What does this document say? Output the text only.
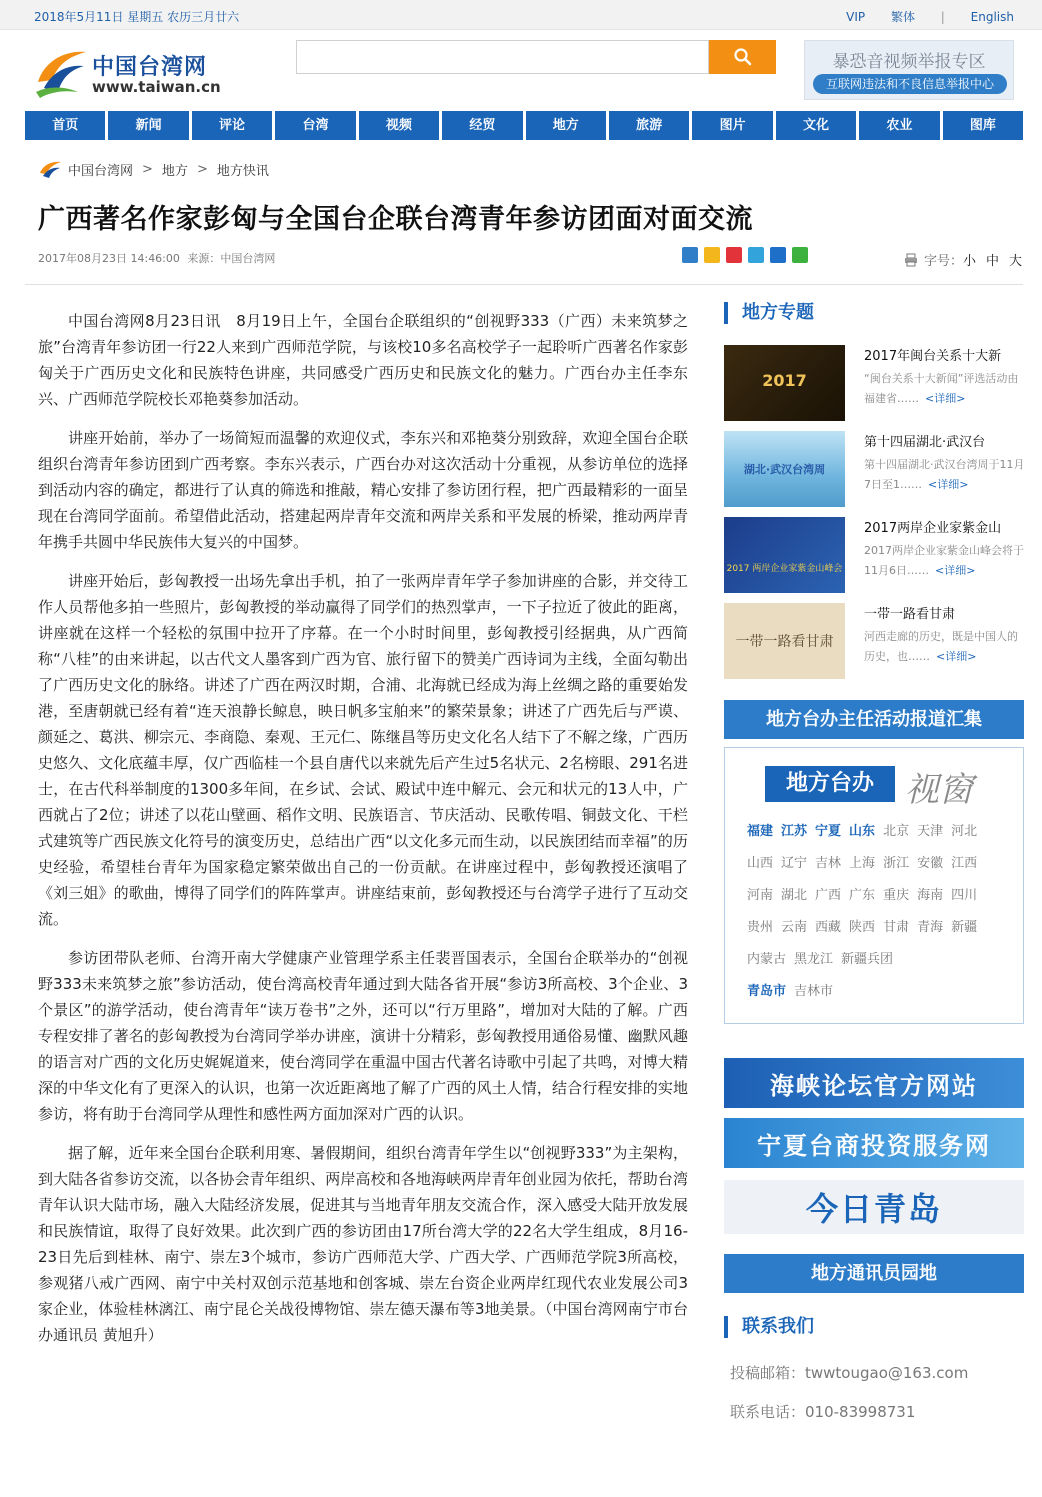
2018年5月11日 星期五 农历三月廿六	VIP 繁体 | English
中国台湾网
www.taiwan.cn
暴恐音视频举报专区
互联网违法和不良信息举报中心
首页	新闻	评论	台湾	视频	经贸	地方	旅游	图片	文化	农业	图库
中国台湾网 > 地方 > 地方快讯
广西著名作家彭匈与全国台企联台湾青年参访团面对面交流
2017年08月23日 14:46:00 来源：中国台湾网	字号： 小 中 大

中国台湾网8月23日讯　8月19日上午，全国台企联组织的“创视野333（广西）未来筑梦之旅”台湾青年参访团一行22人来到广西师范学院，与该校10多名高校学子一起聆听广西著名作家彭匈关于广西历史文化和民族特色讲座，共同感受广西历史和民族文化的魅力。广西台办主任李东兴、广西师范学院校长邓艳葵参加活动。

讲座开始前，举办了一场简短而温馨的欢迎仪式，李东兴和邓艳葵分别致辞，欢迎全国台企联组织台湾青年参访团到广西考察。李东兴表示，广西台办对这次活动十分重视，从参访单位的选择到活动内容的确定，都进行了认真的筛选和推敲，精心安排了参访团行程，把广西最精彩的一面呈现在台湾同学面前。希望借此活动，搭建起两岸青年交流和两岸关系和平发展的桥梁，推动两岸青年携手共圆中华民族伟大复兴的中国梦。

讲座开始后，彭匈教授一出场先拿出手机，拍了一张两岸青年学子参加讲座的合影，并交待工作人员帮他多拍一些照片，彭匈教授的举动赢得了同学们的热烈掌声，一下子拉近了彼此的距离，讲座就在这样一个轻松的氛围中拉开了序幕。在一个小时时间里，彭匈教授引经据典，从广西简称“八桂”的由来讲起，以古代文人墨客到广西为官、旅行留下的赞美广西诗词为主线，全面勾勒出了广西历史文化的脉络。讲述了广西在两汉时期，合浦、北海就已经成为海上丝绸之路的重要始发港，至唐朝就已经有着“连天浪静长鲸息，映日帆多宝舶来”的繁荣景象；讲述了广西先后与严谟、颜延之、葛洪、柳宗元、李商隐、秦观、王元仁、陈继昌等历史文化名人结下了不解之缘，广西历史悠久、文化底蕴丰厚，仅广西临桂一个县自唐代以来就先后产生过5名状元、2名榜眼、291名进士，在古代科举制度的1300多年间，在乡试、会试、殿试中连中解元、会元和状元的13人中，广西就占了2位；讲述了以花山壁画、稻作文明、民族语言、节庆活动、民歌传唱、铜鼓文化、干栏式建筑等广西民族文化符号的演变历史，总结出广西“以文化多元而生动，以民族团结而幸福”的历史经验，希望桂台青年为国家稳定繁荣做出自己的一份贡献。在讲座过程中，彭匈教授还演唱了《刘三姐》的歌曲，博得了同学们的阵阵掌声。讲座结束前，彭匈教授还与台湾学子进行了互动交流。

参访团带队老师、台湾开南大学健康产业管理学系主任裴晋国表示，全国台企联举办的“创视野333未来筑梦之旅”参访活动，使台湾高校青年通过到大陆各省开展“参访3所高校、3个企业、3个景区”的游学活动，使台湾青年“读万卷书”之外，还可以“行万里路”，增加对大陆的了解。广西专程安排了著名的彭匈教授为台湾同学举办讲座，演讲十分精彩，彭匈教授用通俗易懂、幽默风趣的语言对广西的文化历史娓娓道来，使台湾同学在重温中国古代著名诗歌中引起了共鸣，对博大精深的中华文化有了更深入的认识，也第一次近距离地了解了广西的风土人情，结合行程安排的实地参访，将有助于台湾同学从理性和感性两方面加深对广西的认识。

据了解，近年来全国台企联利用寒、暑假期间，组织台湾青年学生以“创视野333”为主架构，到大陆各省参访交流，以各协会青年组织、两岸高校和各地海峡两岸青年创业园为依托，帮助台湾青年认识大陆市场，融入大陆经济发展，促进其与当地青年朋友交流合作，深入感受大陆开放发展和民族情谊，取得了良好效果。此次到广西的参访团由17所台湾大学的22名大学生组成，8月16-23日先后到桂林、南宁、崇左3个城市，参访广西师范大学、广西大学、广西师范学院3所高校，参观猪八戒广西网、南宁中关村双创示范基地和创客城、崇左台资企业两岸红现代农业发展公司3家企业，体验桂林漓江、南宁昆仑关战役博物馆、崇左德天瀑布等3地美景。（中国台湾网南宁市台办通讯员 黄旭升）

地方专题
2017
2017年闽台关系十大新
“闽台关系十大新闻”评选活动由福建省…… <详细>
湖北·武汉台湾周
第十四届湖北·武汉台
第十四届湖北·武汉台湾周于11月7日至1…… <详细>
2017 两岸企业家紫金山峰会
2017两岸企业家紫金山
2017两岸企业家紫金山峰会将于11月6日…… <详细>
一带一路看甘肃
一带一路看甘肃
河西走廊的历史，既是中国人的历史，也…… <详细>
地方台办主任活动报道汇集
地方台办 视窗
福建 江苏 宁夏 山东 北京 天津 河北
山西 辽宁 吉林 上海 浙江 安徽 江西
河南 湖北 广西 广东 重庆 海南 四川
贵州 云南 西藏 陕西 甘肃 青海 新疆
内蒙古 黑龙江 新疆兵团
青岛市 吉林市
海峡论坛官方网站
宁夏台商投资服务网
今日青岛
地方通讯员园地
联系我们
投稿邮箱：twwtougao@163.com
联系电话：010-83998731
